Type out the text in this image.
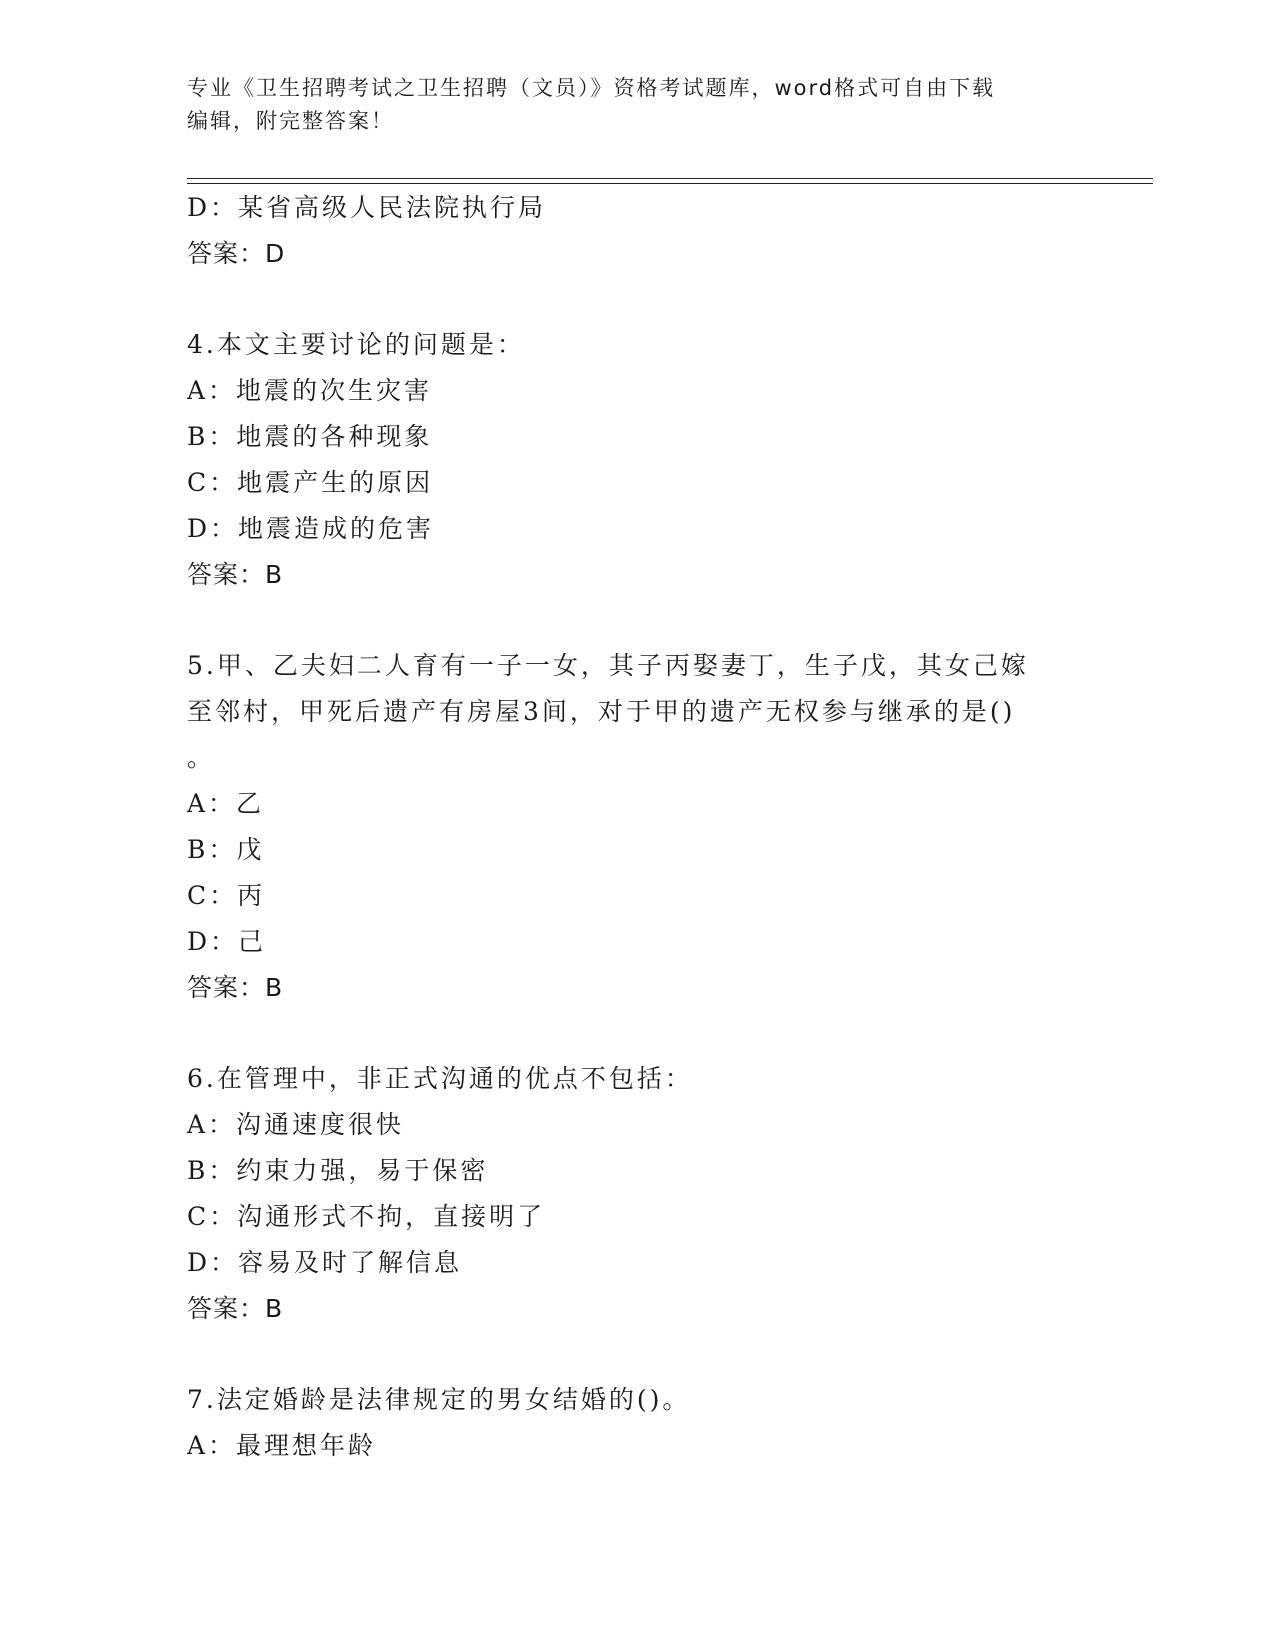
专业《卫生招聘考试之卫生招聘（文员）》资格考试题库，word格式可自由下载
编辑，附完整答案！
D：某省高级人民法院执行局
答案：D
4.本文主要讨论的问题是：
A：地震的次生灾害
B：地震的各种现象
C：地震产生的原因
D：地震造成的危害
答案：B
5.甲、乙夫妇二人育有一子一女，其子丙娶妻丁，生子戊，其女己嫁
至邻村，甲死后遗产有房屋3间，对于甲的遗产无权参与继承的是()
。
A：乙
B：戊
C：丙
D：己
答案：B
6.在管理中，非正式沟通的优点不包括：
A：沟通速度很快
B：约束力强，易于保密
C：沟通形式不拘，直接明了
D：容易及时了解信息
答案：B
7.法定婚龄是法律规定的男女结婚的()。
A：最理想年龄
